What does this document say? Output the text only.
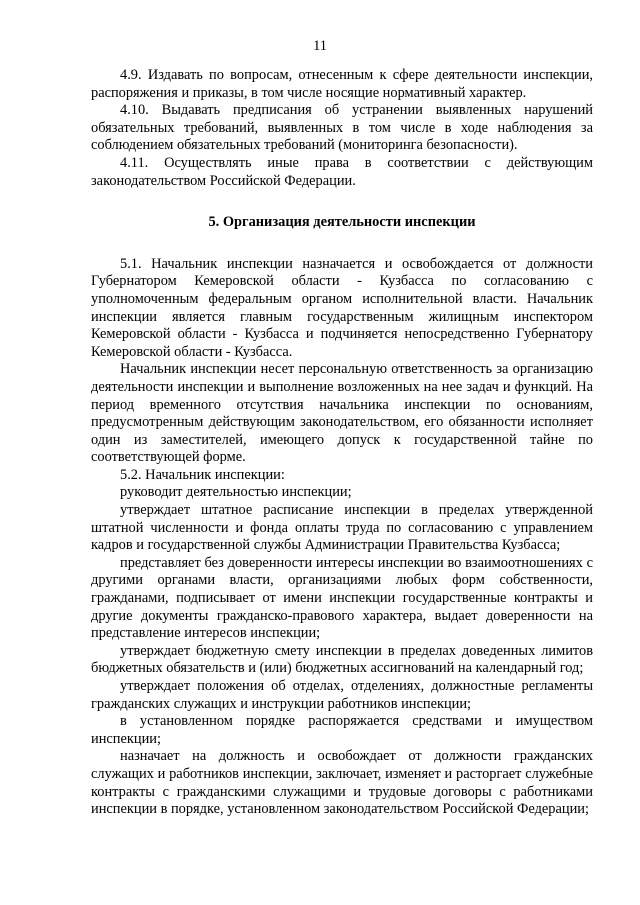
11

4.9. Издавать по вопросам, отнесенным к сфере деятельности инспекции, распоряжения и приказы, в том числе носящие нормативный характер.

4.10. Выдавать предписания об устранении выявленных нарушений обязательных требований, выявленных в том числе в ходе наблюдения за соблюдением обязательных требований (мониторинга безопасности).

4.11. Осуществлять иные права в соответствии с действующим законодательством Российской Федерации.

5. Организация деятельности инспекции

5.1. Начальник инспекции назначается и освобождается от должности Губернатором Кемеровской области - Кузбасса по согласованию с уполномоченным федеральным органом исполнительной власти. Начальник инспекции является главным государственным жилищным инспектором Кемеровской области - Кузбасса и подчиняется непосредственно Губернатору Кемеровской области - Кузбасса.

Начальник инспекции несет персональную ответственность за организацию деятельности инспекции и выполнение возложенных на нее задач и функций. На период временного отсутствия начальника инспекции по основаниям, предусмотренным действующим законодательством, его обязанности исполняет один из заместителей, имеющего допуск к государственной тайне по соответствующей форме.

5.2. Начальник инспекции:

руководит деятельностью инспекции;

утверждает штатное расписание инспекции в пределах утвержденной штатной численности и фонда оплаты труда по согласованию с управлением кадров и государственной службы Администрации Правительства Кузбасса;

представляет без доверенности интересы инспекции во взаимоотношениях с другими органами власти, организациями любых форм собственности, гражданами, подписывает от имени инспекции государственные контракты и другие документы гражданско-правового характера, выдает доверенности на представление интересов инспекции;

утверждает бюджетную смету инспекции в пределах доведенных лимитов бюджетных обязательств и (или) бюджетных ассигнований на календарный год;

утверждает положения об отделах, отделениях, должностные регламенты гражданских служащих и инструкции работников инспекции;

в установленном порядке распоряжается средствами и имуществом инспекции;

назначает на должность и освобождает от должности гражданских служащих и работников инспекции, заключает, изменяет и расторгает служебные контракты с гражданскими служащими и трудовые договоры с работниками инспекции в порядке, установленном законодательством Российской Федерации;
